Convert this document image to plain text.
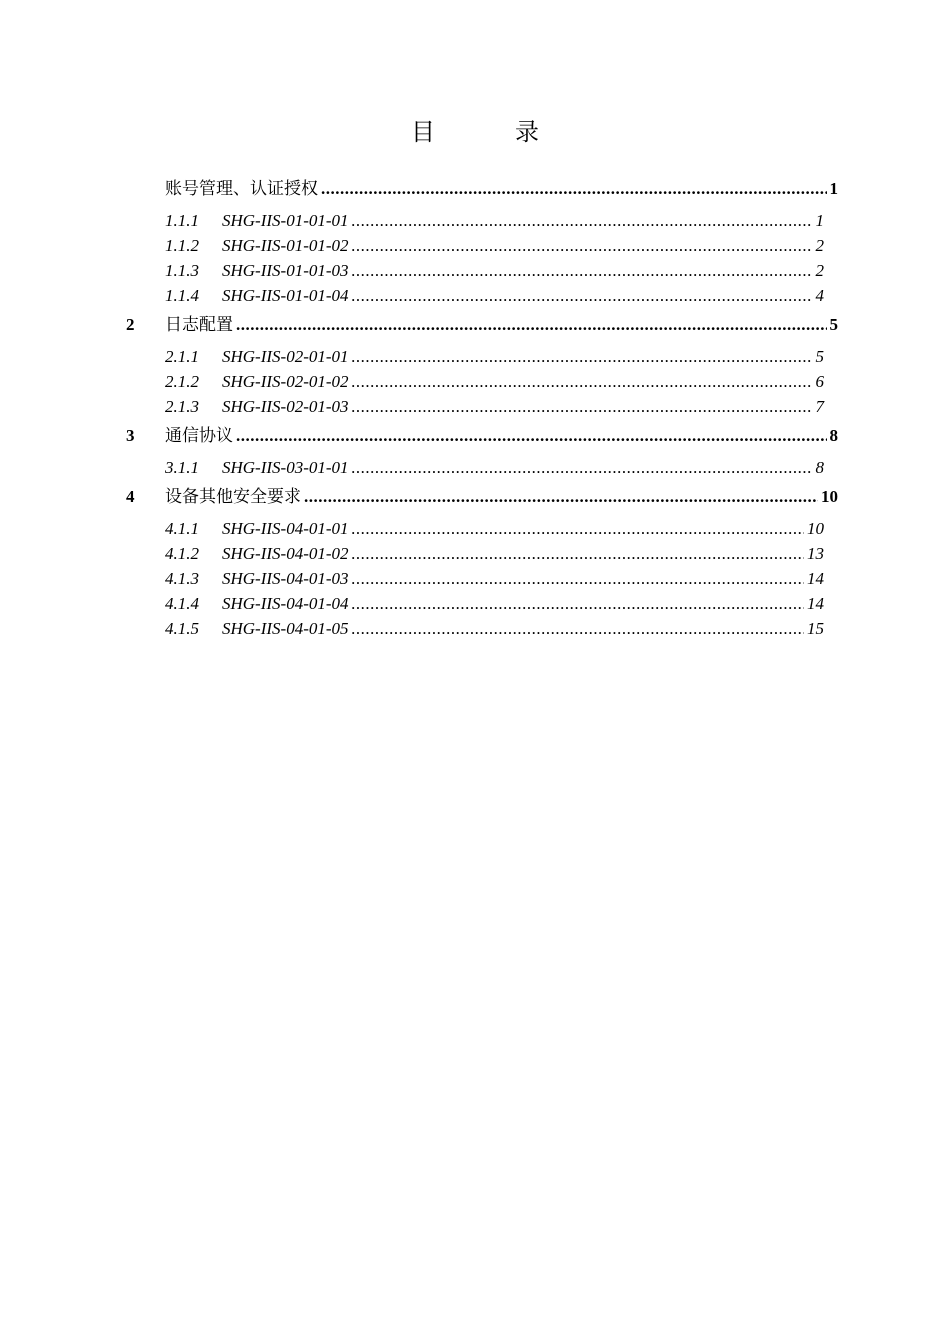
目　录
账号管理、认证授权 .....	1
1.1.1	SHG-IIS-01-01-01 .....	1
1.1.2	SHG-IIS-01-01-02 .....	2
1.1.3	SHG-IIS-01-01-03 .....	2
1.1.4	SHG-IIS-01-01-04 .....	4
2	日志配置 .....	5
2.1.1	SHG-IIS-02-01-01 .....	5
2.1.2	SHG-IIS-02-01-02 .....	6
2.1.3	SHG-IIS-02-01-03 .....	7
3	通信协议 .....	8
3.1.1	SHG-IIS-03-01-01 .....	8
4	设备其他安全要求 .....	10
4.1.1	SHG-IIS-04-01-01 .....	10
4.1.2	SHG-IIS-04-01-02 .....	13
4.1.3	SHG-IIS-04-01-03 .....	14
4.1.4	SHG-IIS-04-01-04 .....	14
4.1.5	SHG-IIS-04-01-05 .....	15
